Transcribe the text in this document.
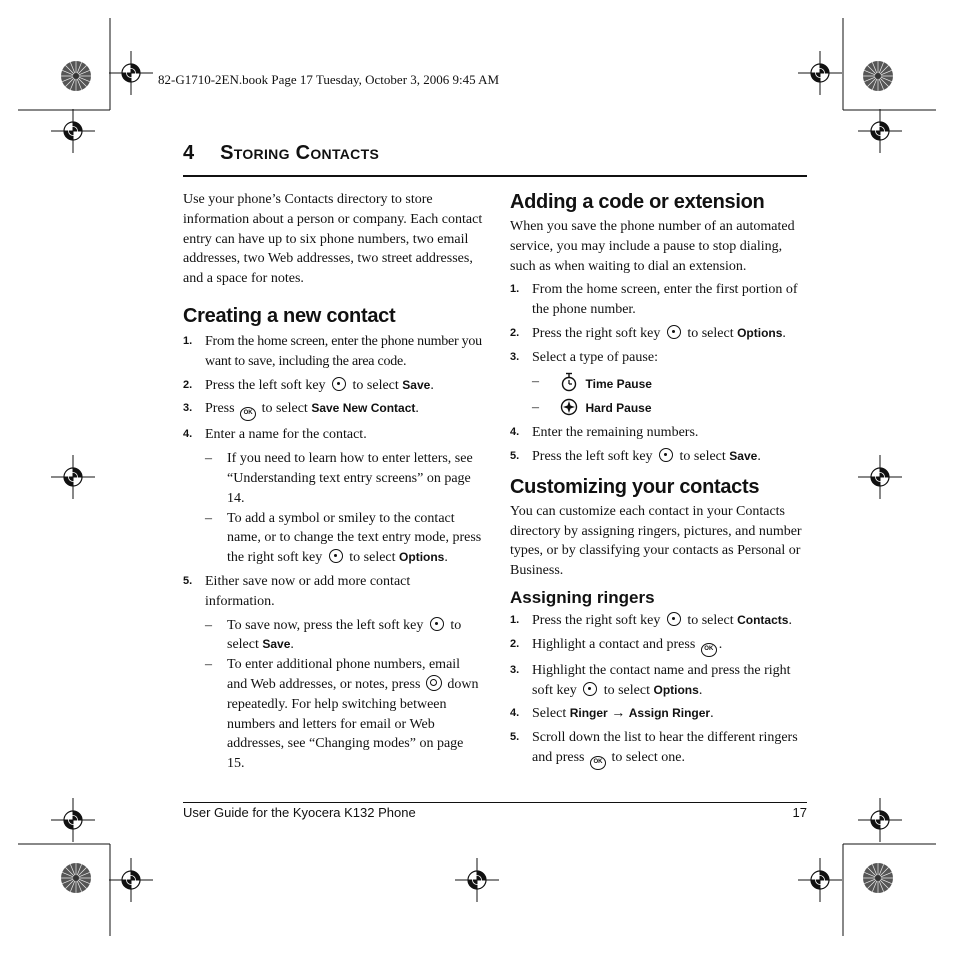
82-G1710-2EN.book Page 17 Tuesday, October 3, 2006 9:45 AM
4 Storing Contacts

Use your phone’s Contacts directory to store information about a person or company. Each contact entry can have up to six phone numbers, two email addresses, two Web addresses, two street addresses, and a space for notes.

Creating a new contact

1. From the home screen, enter the phone number you want to save, including the area code.
2. Press the left soft key to select Save.
3. Press OK to select Save New Contact.
4. Enter a name for the contact.
– If you need to learn how to enter letters, see “Understanding text entry screens” on page 14.
– To add a symbol or smiley to the contact name, or to change the text entry mode, press the right soft key to select Options.
5. Either save now or add more contact information.
– To save now, press the left soft key to select Save.
– To enter additional phone numbers, email and Web addresses, or notes, press down repeatedly. For help switching between numbers and letters for email or Web addresses, see “Changing modes” on page 15.

Adding a code or extension

When you save the phone number of an automated service, you may include a pause to stop dialing, such as when waiting to dial an extension.

1. From the home screen, enter the first portion of the phone number.
2. Press the right soft key to select Options.
3. Select a type of pause:
–	Time Pause
–	Hard Pause
4. Enter the remaining numbers.
5. Press the left soft key to select Save.

Customizing your contacts

You can customize each contact in your Contacts directory by assigning ringers, pictures, and number types, or by classifying your contacts as Personal or Business.

Assigning ringers

1. Press the right soft key to select Contacts.
2. Highlight a contact and press OK .
3. Highlight the contact name and press the right soft key to select Options.
4. Select Ringer → Assign Ringer.
5. Scroll down the list to hear the different ringers and press OK to select one.
User Guide for the Kyocera K132 Phone	17
